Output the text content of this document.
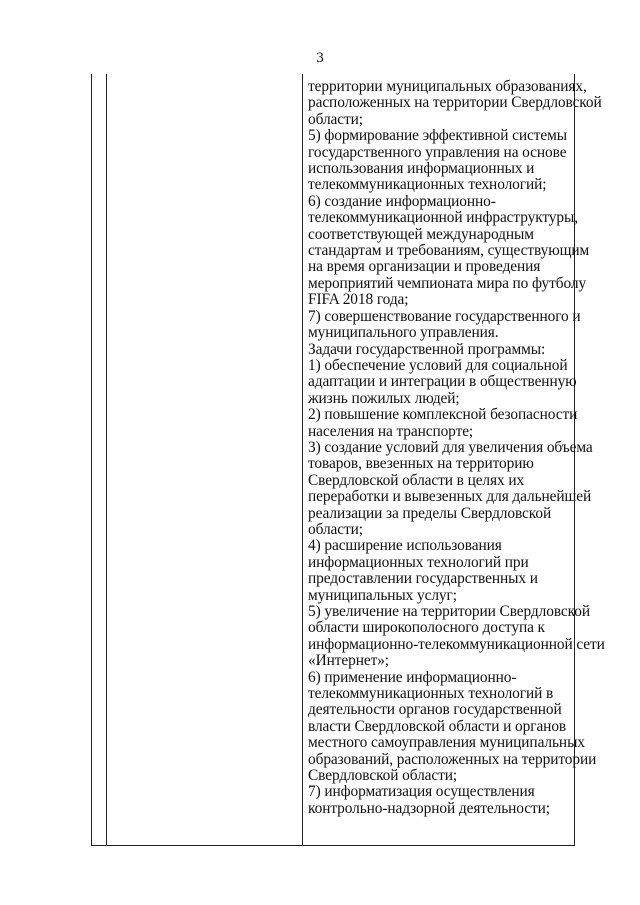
3
территории муниципальных образованиях,
расположенных на территории Свердловской
области;
5) формирование эффективной системы
государственного управления на основе
использования информационных и
телекоммуникационных технологий;
6) создание информационно-
телекоммуникационной инфраструктуры,
соответствующей международным
стандартам и требованиям, существующим
на время организации и проведения
мероприятий чемпионата мира по футболу
FIFA 2018 года;
7) совершенствование государственного и
муниципального управления.
Задачи государственной программы:
1) обеспечение условий для социальной
адаптации и интеграции в общественную
жизнь пожилых людей;
2) повышение комплексной безопасности
населения на транспорте;
3) создание условий для увеличения объема
товаров, ввезенных на территорию
Свердловской области в целях их
переработки и вывезенных для дальнейшей
реализации за пределы Свердловской
области;
4) расширение использования
информационных технологий при
предоставлении государственных и
муниципальных услуг;
5) увеличение на территории Свердловской
области широкополосного доступа к
информационно-телекоммуникационной сети
«Интернет»;
6) применение информационно-
телекоммуникационных технологий в
деятельности органов государственной
власти Свердловской области и органов
местного самоуправления муниципальных
образований, расположенных на территории
Свердловской области;
7) информатизация осуществления
контрольно-надзорной деятельности;
